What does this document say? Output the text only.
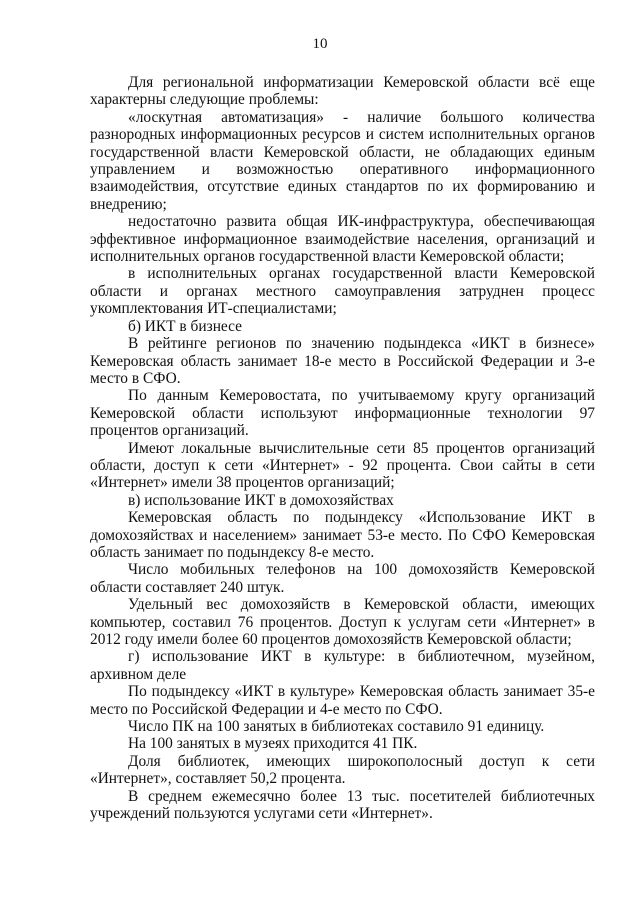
10

Для региональной информатизации Кемеровской области всё еще характерны следующие проблемы:

«лоскутная автоматизация» - наличие большого количества разнородных информационных ресурсов и систем исполнительных органов государственной власти Кемеровской области, не обладающих единым управлением и возможностью оперативного информационного взаимодействия, отсутствие единых стандартов по их формированию и внедрению;

недостаточно развита общая ИК-инфраструктура, обеспечивающая эффективное информационное взаимодействие населения, организаций и исполнительных органов государственной власти Кемеровской области;

в исполнительных органах государственной власти Кемеровской области и органах местного самоуправления затруднен процесс укомплектования ИТ-специалистами;

б) ИКТ в бизнесе

В рейтинге регионов по значению подындекса «ИКТ в бизнесе» Кемеровская область занимает 18-е место в Российской Федерации и 3-е место в СФО.

По данным Кемеровостата, по учитываемому кругу организаций Кемеровской области используют информационные технологии 97 процентов организаций.

Имеют локальные вычислительные сети 85 процентов организаций области, доступ к сети «Интернет» - 92 процента. Свои сайты в сети «Интернет» имели 38 процентов организаций;

в) использование ИКТ в домохозяйствах

Кемеровская область по подындексу «Использование ИКТ в домохозяйствах и населением» занимает 53-е место. По СФО Кемеровская область занимает по подындексу 8-е место.

Число мобильных телефонов на 100 домохозяйств Кемеровской области составляет 240 штук.

Удельный вес домохозяйств в Кемеровской области, имеющих компьютер, составил 76 процентов. Доступ к услугам сети «Интернет» в 2012 году имели более 60 процентов домохозяйств Кемеровской области;

г) использование ИКТ в культуре: в библиотечном, музейном, архивном деле

По подындексу «ИКТ в культуре» Кемеровская область занимает 35-е место по Российской Федерации и 4-е место по СФО.

Число ПК на 100 занятых в библиотеках составило 91 единицу.

На 100 занятых в музеях приходится 41 ПК.

Доля библиотек, имеющих широкополосный доступ к сети «Интернет», составляет 50,2 процента.

В среднем ежемесячно более 13 тыс. посетителей библиотечных учреждений пользуются услугами сети «Интернет».
